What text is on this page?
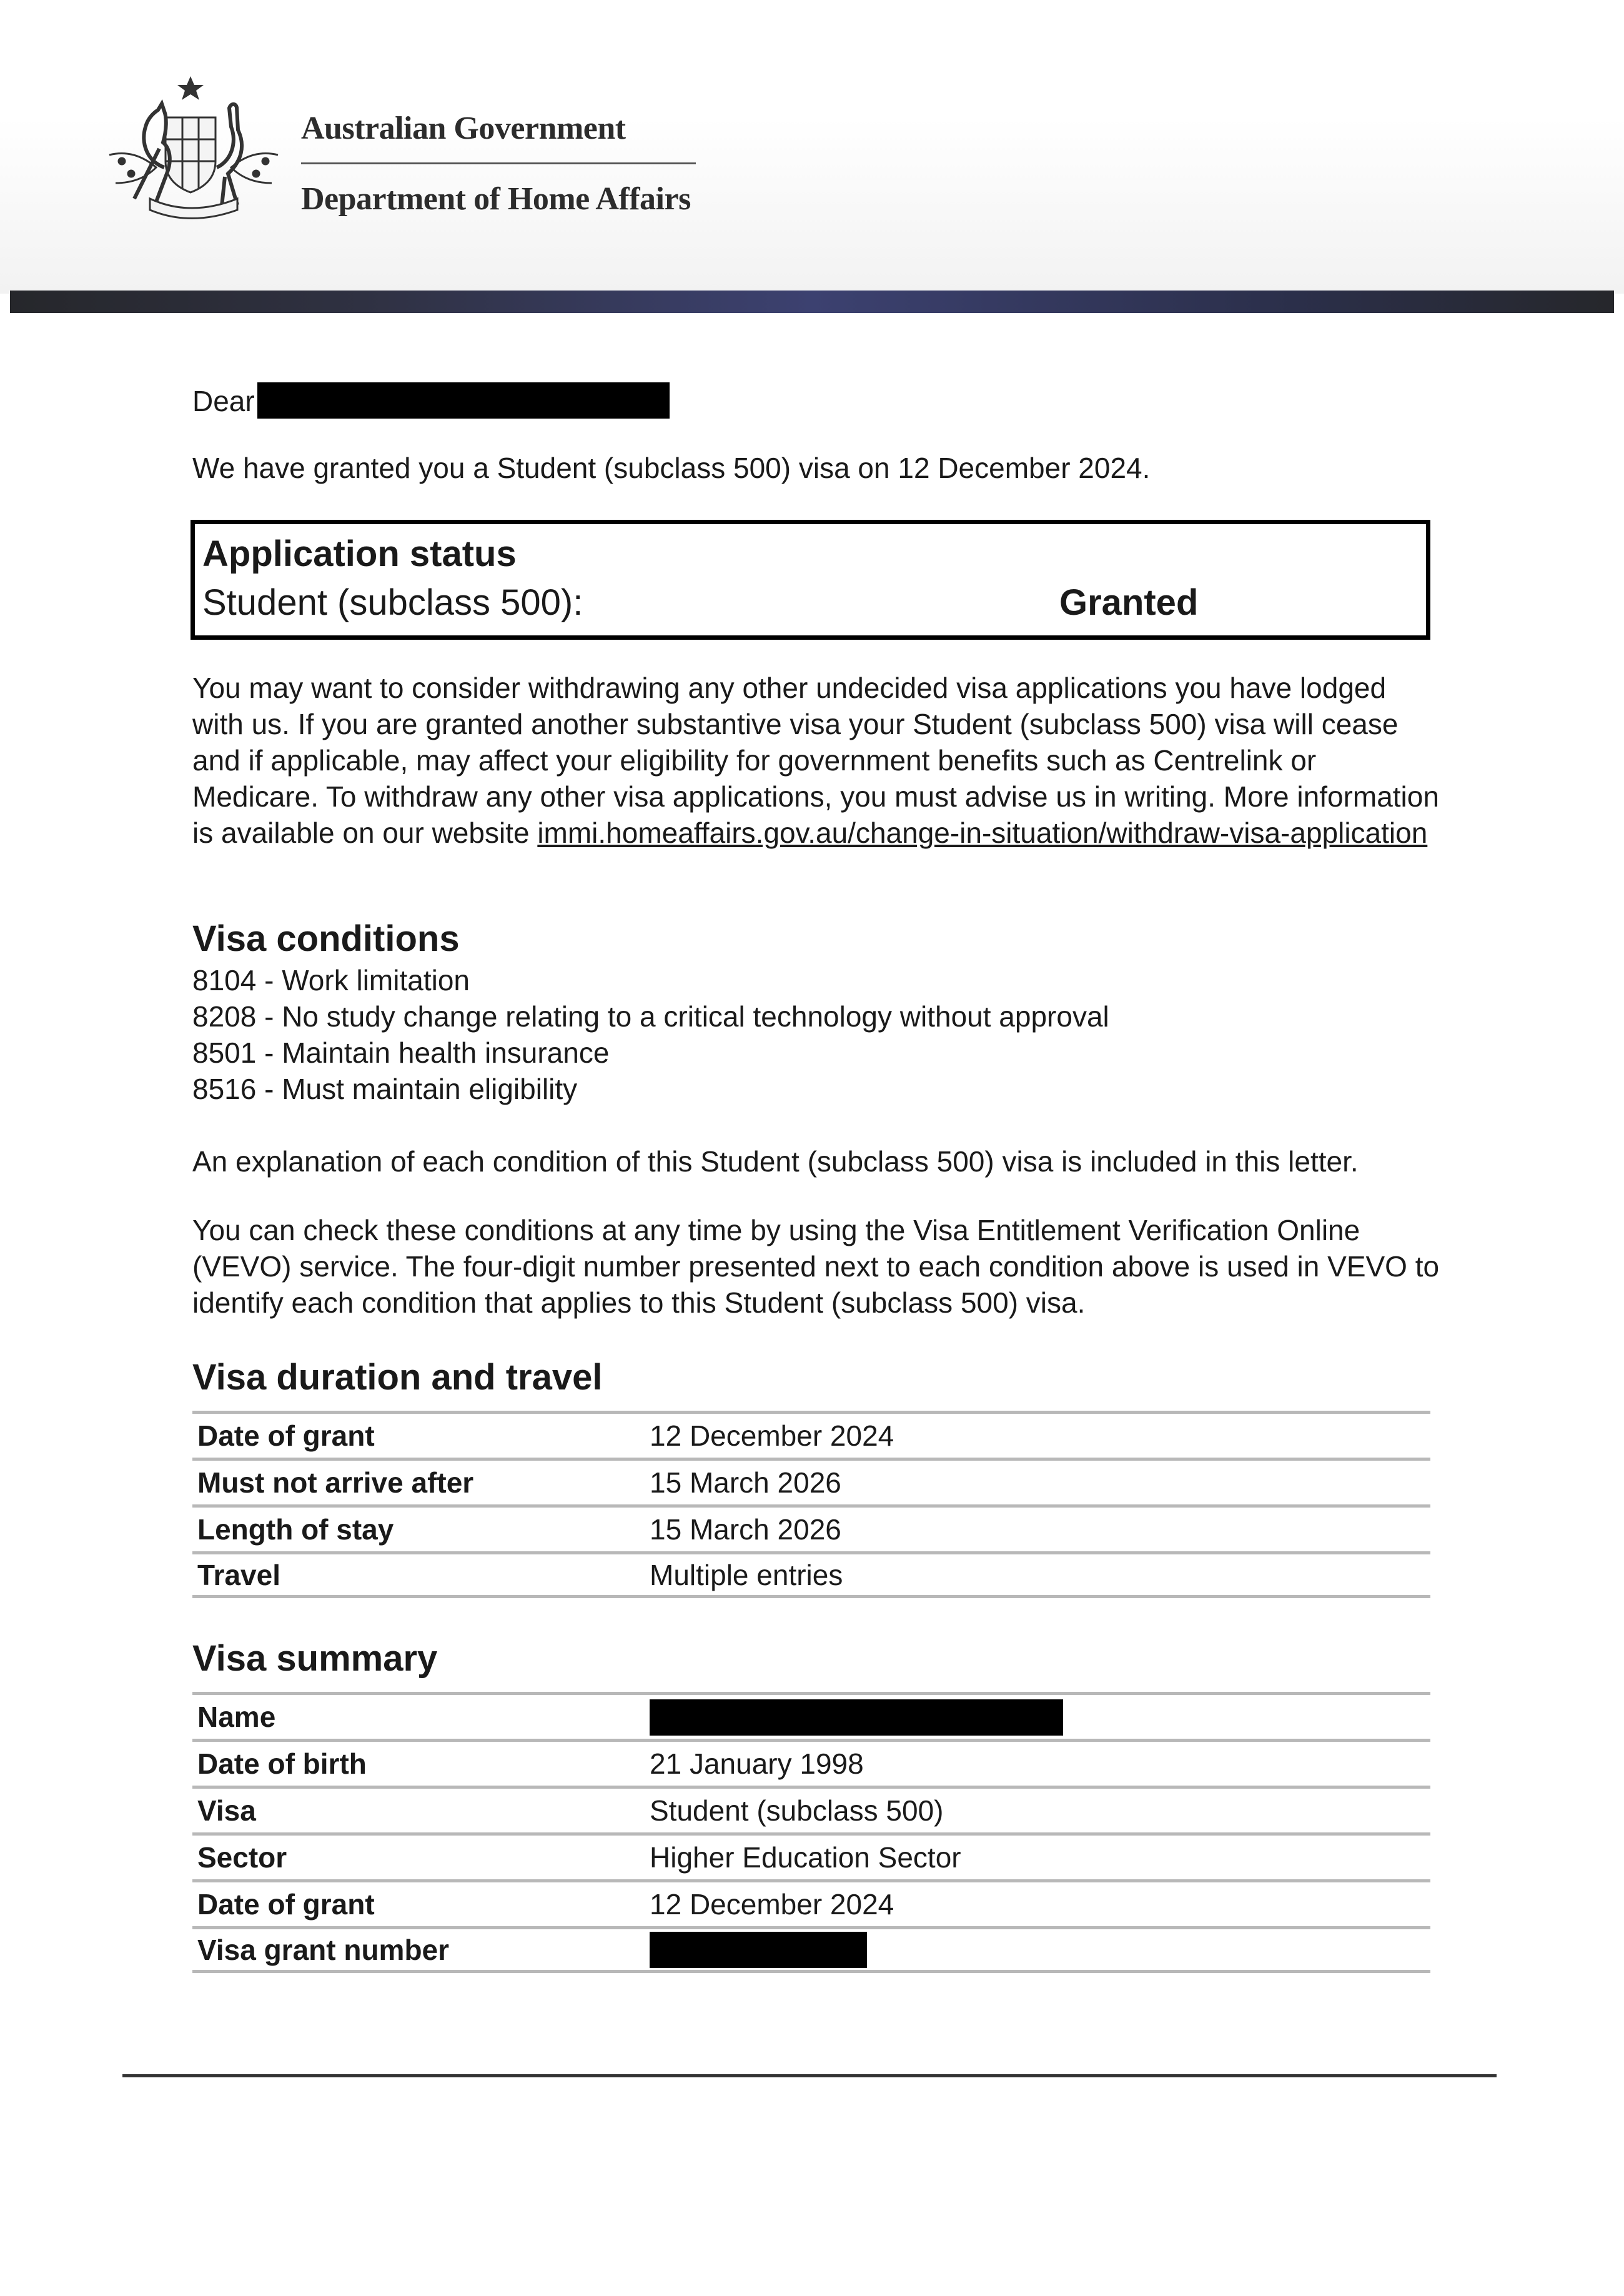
Australian Government
Department of Home Affairs
Dear
We have granted you a Student (subclass 500) visa on 12 December 2024.
Application status
Student (subclass 500):	Granted
You may want to consider withdrawing any other undecided visa applications you have lodged with us. If you are granted another substantive visa your Student (subclass 500) visa will cease and if applicable, may affect your eligibility for government benefits such as Centrelink or Medicare. To withdraw any other visa applications, you must advise us in writing. More information is available on our website immi.homeaffairs.gov.au/change-in-situation/withdraw-visa-application
Visa conditions
8104 - Work limitation
8208 - No study change relating to a critical technology without approval
8501 - Maintain health insurance
8516 - Must maintain eligibility
An explanation of each condition of this Student (subclass 500) visa is included in this letter.
You can check these conditions at any time by using the Visa Entitlement Verification Online (VEVO) service. The four-digit number presented next to each condition above is used in VEVO to identify each condition that applies to this Student (subclass 500) visa.
Visa duration and travel
Date of grant	12 December 2024
Must not arrive after	15 March 2026
Length of stay	15 March 2026
Travel	Multiple entries
Visa summary
Name
Date of birth	21 January 1998
Visa	Student (subclass 500)
Sector	Higher Education Sector
Date of grant	12 December 2024
Visa grant number
